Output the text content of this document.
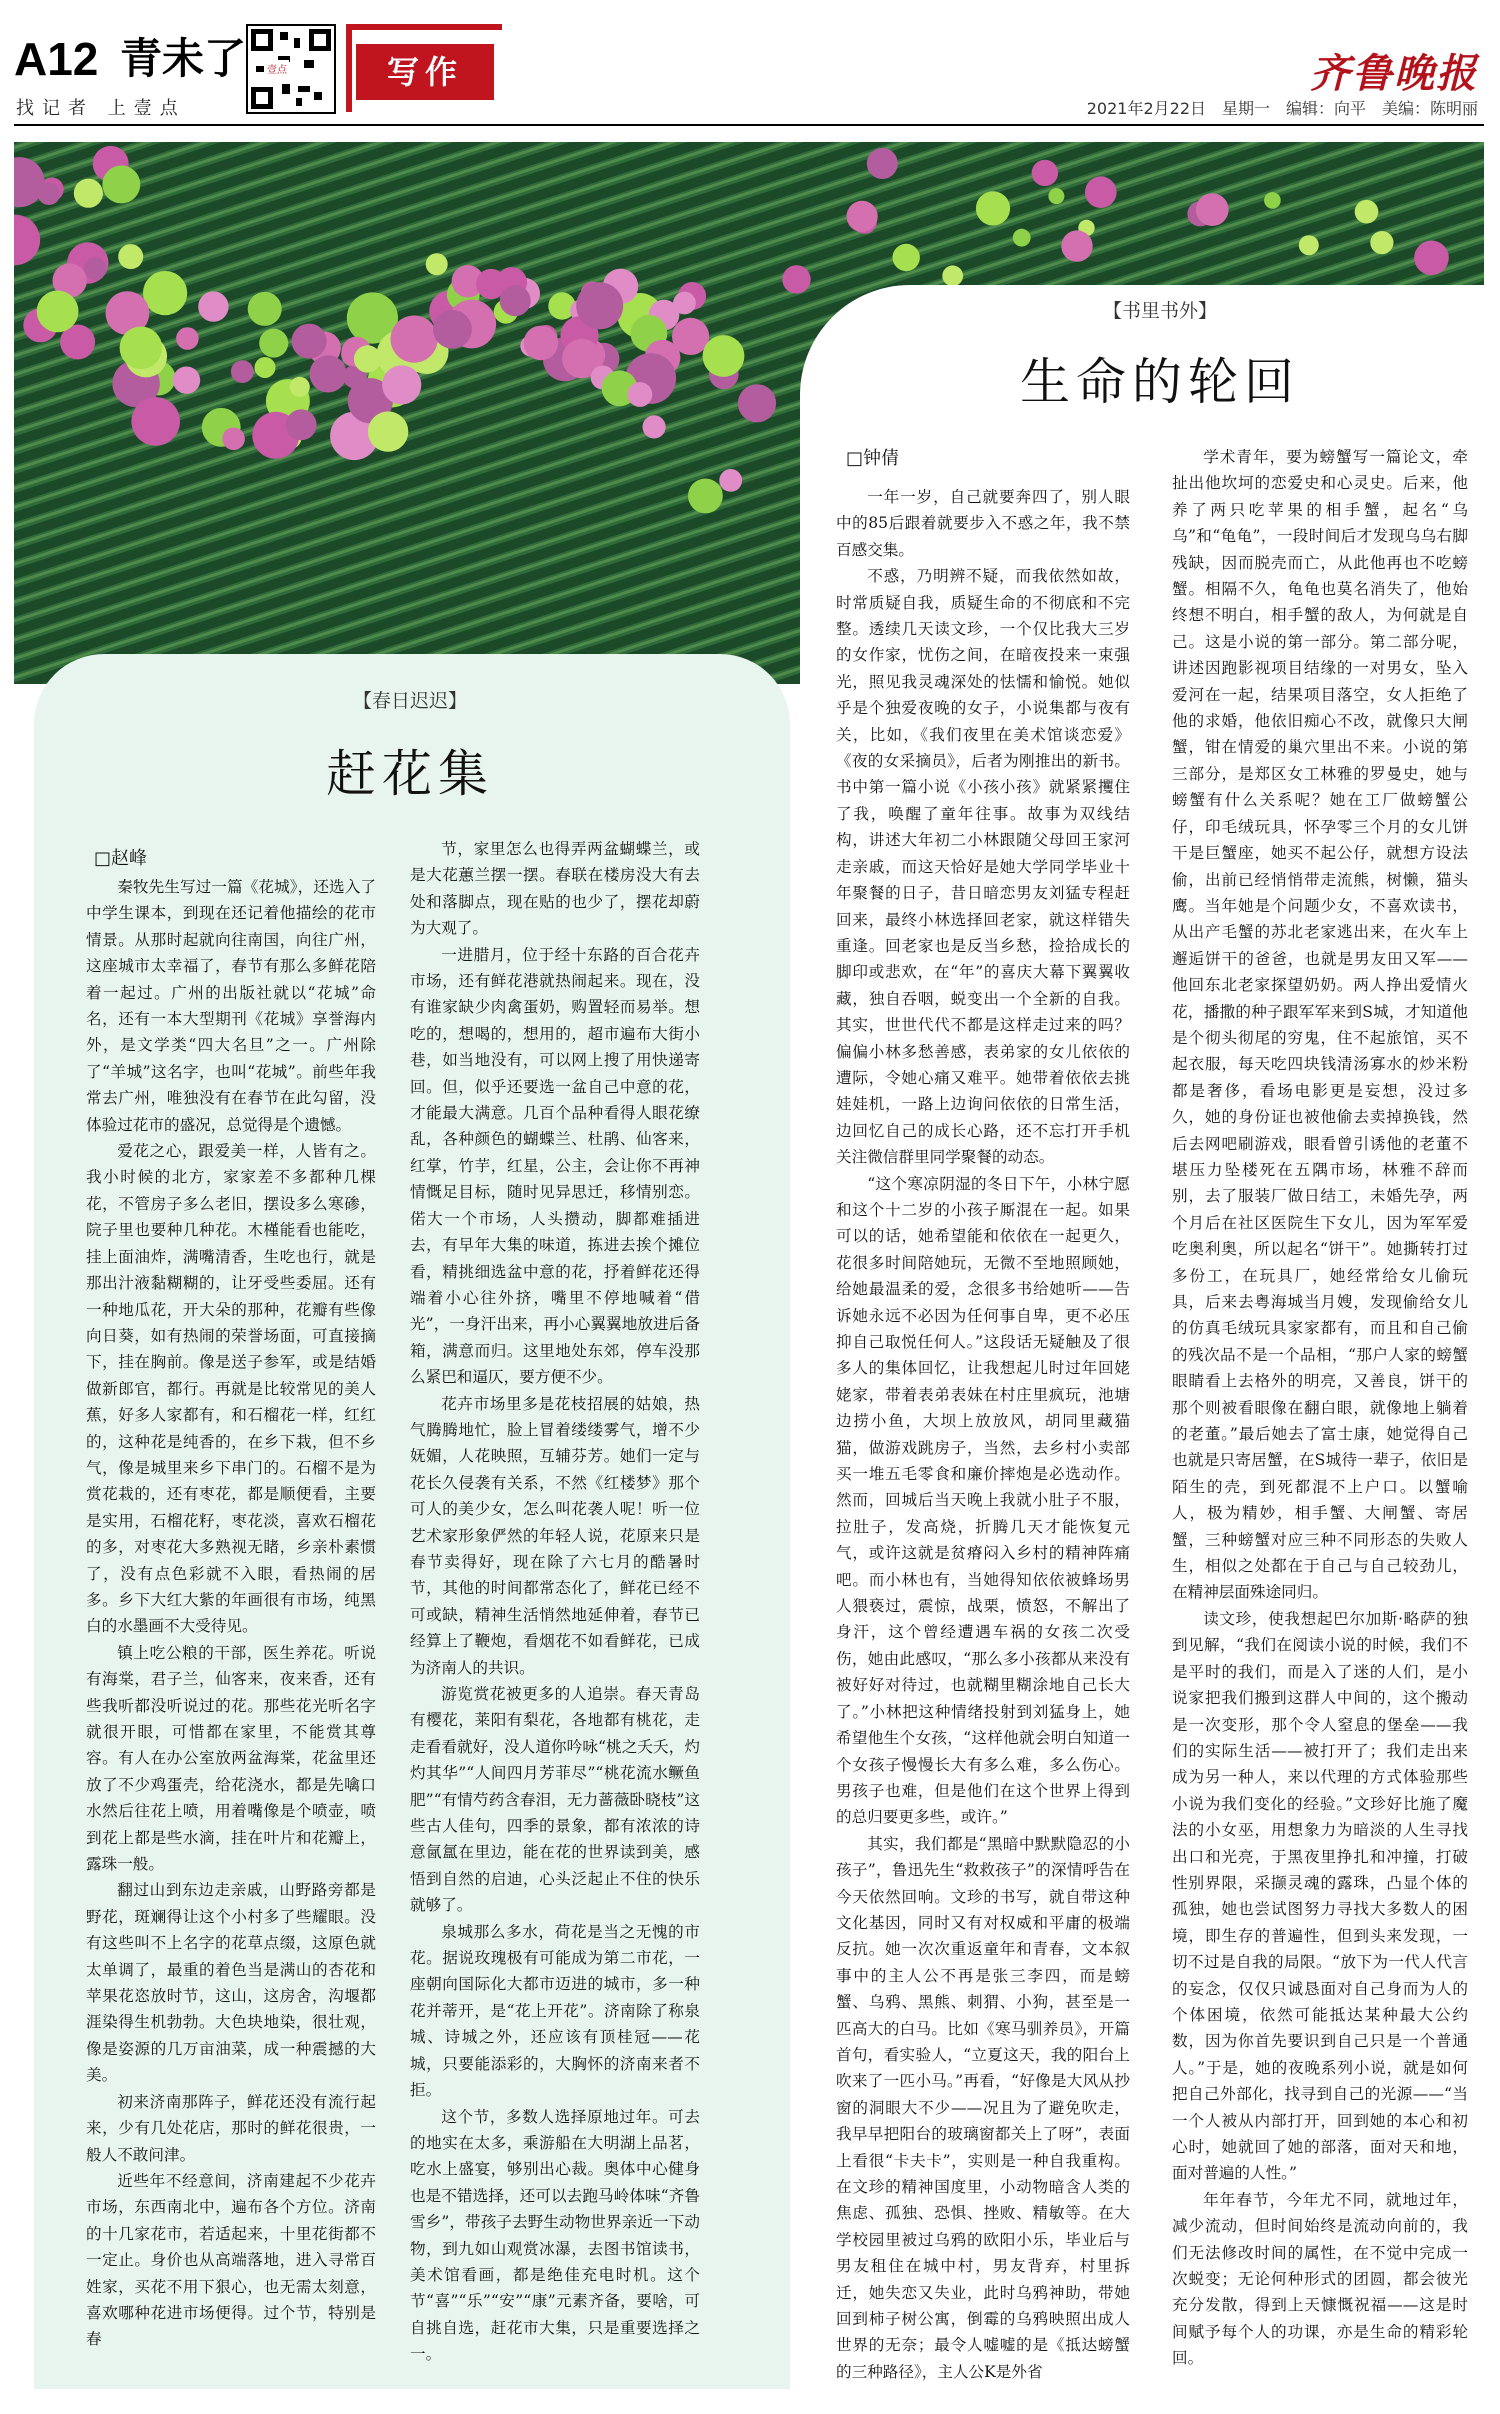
A12 青未了
找记者 上壹点
壹点	写作	齐鲁晚报
2021年2月22日　星期一　编辑：向平　美编：陈明丽
【书里书外】
生命的轮回
□钟倩

一年一岁，自己就要奔四了，别人眼中的85后跟着就要步入不惑之年，我不禁百感交集。

不惑，乃明辨不疑，而我依然如故，时常质疑自我，质疑生命的不彻底和不完整。透续几天读文珍，一个仅比我大三岁的女作家，忧伤之间，在暗夜投来一束强光，照见我灵魂深处的怯懦和愉悦。她似乎是个独爱夜晚的女子，小说集都与夜有关，比如，《我们夜里在美术馆谈恋爱》《夜的女采摘员》，后者为刚推出的新书。书中第一篇小说《小孩小孩》就紧紧攫住了我，唤醒了童年往事。故事为双线结构，讲述大年初二小林跟随父母回王家河走亲戚，而这天恰好是她大学同学毕业十年聚餐的日子，昔日暗恋男友刘猛专程赶回来，最终小林选择回老家，就这样错失重逢。回老家也是反当乡愁，捡拾成长的脚印或悲欢，在“年”的喜庆大幕下翼翼收藏，独自吞咽，蜕变出一个全新的自我。其实，世世代代不都是这样走过来的吗？偏偏小林多愁善感，表弟家的女儿依依的遭际，令她心痛又难平。她带着依依去挑娃娃机，一路上边询问依依的日常生活，边回忆自己的成长心路，还不忘打开手机关注微信群里同学聚餐的动态。

“这个寒凉阴湿的冬日下午，小林宁愿和这个十二岁的小孩子厮混在一起。如果可以的话，她希望能和依依在一起更久，花很多时间陪她玩，无微不至地照顾她，给她最温柔的爱，念很多书给她听——告诉她永远不必因为任何事自卑，更不必压抑自己取悦任何人。”这段话无疑触及了很多人的集体回忆，让我想起儿时过年回姥姥家，带着表弟表妹在村庄里疯玩，池塘边捞小鱼，大坝上放放风，胡同里藏猫猫，做游戏跳房子，当然，去乡村小卖部买一堆五毛零食和廉价摔炮是必选动作。然而，回城后当天晚上我就小肚子不服，拉肚子，发高烧，折腾几天才能恢复元气，或许这就是贫瘠闷入乡村的精神阵痛吧。而小林也有，当她得知依依被蜂场男人猥亵过，震惊，战栗，愤怒，不解出了身汗，这个曾经遭遇车祸的女孩二次受伤，她由此感叹，“那么多小孩都从来没有被好好对待过，也就糊里糊涂地自己长大了。”小林把这种情绪投射到刘猛身上，她希望他生个女孩，“这样他就会明白知道一个女孩子慢慢长大有多么难，多么伤心。男孩子也难，但是他们在这个世界上得到的总归要更多些，或许。”

其实，我们都是“黑暗中默默隐忍的小孩子”，鲁迅先生“救救孩子”的深情呼告在今天依然回响。文珍的书写，就自带这种文化基因，同时又有对权威和平庸的极端反抗。她一次次重返童年和青春，文本叙事中的主人公不再是张三李四，而是螃蟹、乌鸦、黑熊、刺猬、小狗，甚至是一匹高大的白马。比如《寒马驯养员》，开篇首句，看实验人，“立夏这天，我的阳台上吹来了一匹小马。”再看，“好像是大风从抄窗的洞眼大不少——况且为了避免吹走，我早早把阳台的玻璃窗都关上了呀”，表面上看很“卡夫卡”，实则是一种自我重构。在文珍的精神国度里，小动物暗含人类的焦虑、孤独、恐惧、挫败、精敏等。在大学校园里被过乌鸦的欧阳小乐，毕业后与男友租住在城中村，男友背弃，村里拆迁，她失恋又失业，此时乌鸦神助，带她回到柿子树公寓，倒霉的乌鸦映照出成人世界的无奈；最令人嘘嘘的是《抵达螃蟹的三种路径》，主人公K是外省

学术青年，要为螃蟹写一篇论文，牵扯出他坎坷的恋爱史和心灵史。后来，他养了两只吃苹果的相手蟹，起名“乌乌”和“龟龟”，一段时间后才发现乌乌右脚残缺，因而脱壳而亡，从此他再也不吃螃蟹。相隔不久，龟龟也莫名消失了，他始终想不明白，相手蟹的敌人，为何就是自己。这是小说的第一部分。第二部分呢，讲述因跑影视项目结缘的一对男女，坠入爱河在一起，结果项目落空，女人拒绝了他的求婚，他依旧痴心不改，就像只大闸蟹，钳在情爱的巢穴里出不来。小说的第三部分，是郑区女工林雅的罗曼史，她与螃蟹有什么关系呢？她在工厂做螃蟹公仔，印毛绒玩具，怀孕零三个月的女儿饼干是巨蟹座，她买不起公仔，就想方设法偷，出前已经悄悄带走流熊，树懒，猫头鹰。当年她是个问题少女，不喜欢读书，从出产毛蟹的苏北老家逃出来，在火车上邂逅饼干的爸爸，也就是男友田又军——他回东北老家探望奶奶。两人挣出爱情火花，播撒的种子跟军军来到S城，才知道他是个彻头彻尾的穷鬼，住不起旅馆，买不起衣服，每天吃四块钱清汤寡水的炒米粉都是奢侈，看场电影更是妄想，没过多久，她的身份证也被他偷去卖掉换钱，然后去网吧刷游戏，眼看曾引诱他的老董不堪压力坠楼死在五隅市场，林雅不辞而别，去了服装厂做日结工，未婚先孕，两个月后在社区医院生下女儿，因为军军爱吃奥利奥，所以起名“饼干”。她撕转打过多份工，在玩具厂，她经常给女儿偷玩具，后来去粤海城当月嫂，发现偷给女儿的仿真毛绒玩具家家都有，而且和自己偷的残次品不是一个品相，“那户人家的螃蟹眼睛看上去格外的明亮，又善良，饼干的那个则被看眼像在翻白眼，就像地上躺着的老董。”最后她去了富士康，她觉得自己也就是只寄居蟹，在S城待一辈子，依旧是陌生的壳，到死都混不上户口。以蟹喻人，极为精妙，相手蟹、大闸蟹、寄居蟹，三种螃蟹对应三种不同形态的失败人生，相似之处都在于自己与自己较劲儿，在精神层面殊途同归。

读文珍，使我想起巴尔加斯·略萨的独到见解，“我们在阅读小说的时候，我们不是平时的我们，而是入了迷的人们，是小说家把我们搬到这群人中间的，这个搬动是一次变形，那个令人窒息的堡垒——我们的实际生活——被打开了；我们走出来成为另一种人，来以代理的方式体验那些小说为我们变化的经验。”文珍好比施了魔法的小女巫，用想象力为暗淡的人生寻找出口和光亮，于黑夜里挣扎和冲撞，打破性别界限，采撷灵魂的露珠，凸显个体的孤独，她也尝试图努力寻找大多数人的困境，即生存的普遍性，但到头来发现，一切不过是自我的局限。“放下为一代人代言的妄念，仅仅只诚恳面对自己身而为人的个体困境，依然可能抵达某种最大公约数，因为你首先要识到自己只是一个普通人。”于是，她的夜晚系列小说，就是如何把自己外部化，找寻到自己的光源——“当一个人被从内部打开，回到她的本心和初心时，她就回了她的部落，面对天和地，面对普遍的人性。”

年年春节，今年尤不同，就地过年，减少流动，但时间始终是流动向前的，我们无法修改时间的属性，在不觉中完成一次蜕变；无论何种形式的团圆，都会彼光充分发散，得到上天慷慨祝福——这是时间赋予每个人的功课，亦是生命的精彩轮回。

【春日迟迟】
赶花集
□赵峰

秦牧先生写过一篇《花城》，还选入了中学生课本，到现在还记着他描绘的花市情景。从那时起就向往南国，向往广州，这座城市太幸福了，春节有那么多鲜花陪着一起过。广州的出版社就以“花城”命名，还有一本大型期刊《花城》享誉海内外，是文学类“四大名旦”之一。广州除了“羊城”这名字，也叫“花城”。前些年我常去广州，唯独没有在春节在此勾留，没体验过花市的盛况，总觉得是个遗憾。

爱花之心，跟爱美一样，人皆有之。我小时候的北方，家家差不多都种几棵花，不管房子多么老旧，摆设多么寒碜，院子里也要种几种花。木槿能看也能吃，挂上面油炸，满嘴清香，生吃也行，就是那出汁液黏糊糊的，让牙受些委屈。还有一种地瓜花，开大朵的那种，花瓣有些像向日葵，如有热闹的荣誉场面，可直接摘下，挂在胸前。像是送子参军，或是结婚做新郎官，都行。再就是比较常见的美人蕉，好多人家都有，和石榴花一样，红红的，这种花是纯香的，在乡下栽，但不乡气，像是城里来乡下串门的。石榴不是为赏花栽的，还有枣花，都是顺便看，主要是实用，石榴花籽，枣花淡，喜欢石榴花的多，对枣花大多熟视无睹，乡亲朴素惯了，没有点色彩就不入眼，看热闹的居多。乡下大红大紫的年画很有市场，纯黑白的水墨画不大受待见。

镇上吃公粮的干部，医生养花。听说有海棠，君子兰，仙客来，夜来香，还有些我听都没听说过的花。那些花光听名字就很开眼，可惜都在家里，不能赏其尊容。有人在办公室放两盆海棠，花盆里还放了不少鸡蛋壳，给花浇水，都是先噙口水然后往花上喷，用着嘴像是个喷壶，喷到花上都是些水滴，挂在叶片和花瓣上，露珠一般。

翻过山到东边走亲戚，山野路旁都是野花，斑斓得让这个小村多了些耀眼。没有这些叫不上名字的花草点缀，这原色就太单调了，最重的着色当是满山的杏花和苹果花恣放时节，这山，这房舍，沟堰都涯染得生机勃勃。大色块地染，很壮观，像是姿源的几万亩油菜，成一种震撼的大美。

初来济南那阵子，鲜花还没有流行起来，少有几处花店，那时的鲜花很贵，一般人不敢问津。

近些年不经意间，济南建起不少花卉市场，东西南北中，遍布各个方位。济南的十几家花市，若适起来，十里花街都不一定止。身价也从高端落地，进入寻常百姓家，买花不用下狠心，也无需太刻意，喜欢哪种花进市场便得。过个节，特别是春

节，家里怎么也得弄两盆蝴蝶兰，或是大花蕙兰摆一摆。春联在楼房没大有去处和落脚点，现在贴的也少了，摆花却蔚为大观了。

一进腊月，位于经十东路的百合花卉市场，还有鲜花港就热闹起来。现在，没有谁家缺少肉禽蛋奶，购置轻而易举。想吃的，想喝的，想用的，超市遍布大街小巷，如当地没有，可以网上搜了用快递寄回。但，似乎还要选一盆自己中意的花，才能最大满意。几百个品种看得人眼花缭乱，各种颜色的蝴蝶兰、杜鹃、仙客来，红掌，竹芋，红星，公主，会让你不再神情慨足目标，随时见异思迁，移情别恋。偌大一个市场，人头攒动，脚都难插进去，有早年大集的味道，拣进去挨个摊位看，精挑细选盆中意的花，抒着鲜花还得端着小心往外挤，嘴里不停地喊着“借光”，一身汗出来，再小心翼翼地放进后备箱，满意而归。这里地处东郊，停车没那么紧巴和逼仄，要方便不少。

花卉市场里多是花枝招展的姑娘，热气腾腾地忙，脸上冒着缕缕雾气，增不少妩媚，人花映照，互辅芬芳。她们一定与花长久侵袭有关系，不然《红楼梦》那个可人的美少女，怎么叫花袭人呢！听一位艺术家形象俨然的年轻人说，花原来只是春节卖得好，现在除了六七月的酷暑时节，其他的时间都常态化了，鲜花已经不可或缺，精神生活悄然地延伸着，春节已经算上了鞭炮，看烟花不如看鲜花，已成为济南人的共识。

游览赏花被更多的人追崇。春天青岛有樱花，莱阳有梨花，各地都有桃花，走走看看就好，没人道你吟咏“桃之夭夭，灼灼其华”“人间四月芳菲尽”“桃花流水鳜鱼肥”“有情芍药含春泪，无力蔷薇卧晓枝”这些古人佳句，四季的景象，都有浓浓的诗意氤氲在里边，能在花的世界读到美，感悟到自然的启迪，心头泛起止不住的快乐就够了。

泉城那么多水，荷花是当之无愧的市花。据说玫瑰极有可能成为第二市花，一座朝向国际化大都市迈进的城市，多一种花并蒂开，是“花上开花”。济南除了称泉城、诗城之外，还应该有顶桂冠——花城，只要能添彩的，大胸怀的济南来者不拒。

这个节，多数人选择原地过年。可去的地实在太多，乘游船在大明湖上品茗，吃水上盛宴，够别出心裁。奥体中心健身也是不错选择，还可以去跑马岭体味“齐鲁雪乡”，带孩子去野生动物世界亲近一下动物，到九如山观赏冰瀑，去图书馆读书，美术馆看画，都是绝佳充电时机。这个节“喜”“乐”“安”“康”元素齐备，要啥，可自挑自选，赶花市大集，只是重要选择之一。
